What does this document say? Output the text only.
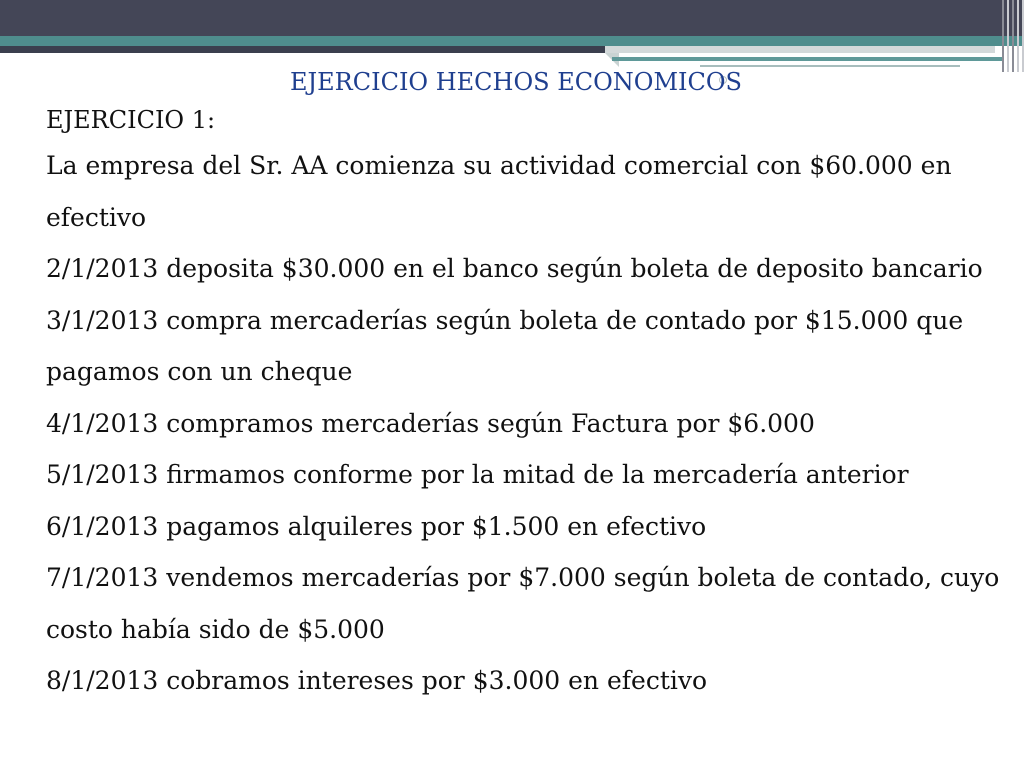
EJERCICIO HECHOS ECONOMICOS
EJERCICIO 1:
La empresa del Sr. AA comienza su actividad comercial con $60.000 en
efectivo
2/1/2013 deposita $30.000 en el banco según boleta de deposito bancario
3/1/2013 compra mercaderías según boleta de contado por $15.000 que
pagamos con un cheque
4/1/2013 compramos mercaderías según Factura por $6.000
5/1/2013 firmamos conforme por la mitad de la mercadería anterior
6/1/2013 pagamos alquileres por $1.500 en efectivo
7/1/2013 vendemos mercaderías por $7.000 según boleta de contado, cuyo
costo había sido de $5.000
8/1/2013 cobramos intereses por $3.000 en efectivo
